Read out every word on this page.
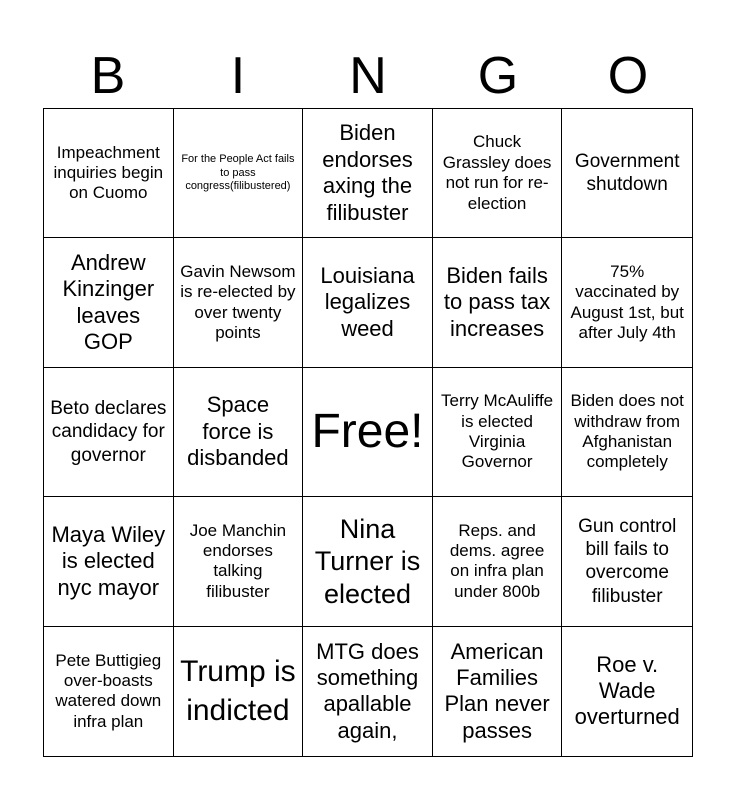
B	I	N	G	O
Impeachment inquiries begin on Cuomo
For the People Act fails to pass congress(filibustered)
Biden endorses axing the filibuster
Chuck Grassley does not run for re-election
Government shutdown
Andrew Kinzinger leaves GOP
Gavin Newsom is re-elected by over twenty points
Louisiana legalizes weed
Biden fails to pass tax increases
75% vaccinated by August 1st, but after July 4th
Beto declares candidacy for governor
Space force is disbanded Free!
Terry McAuliffe is elected Virginia Governor
Biden does not withdraw from Afghanistan completely
Maya Wiley is elected nyc mayor
Joe Manchin endorses talking filibuster
Nina Turner is elected
Reps. and dems. agree on infra plan under 800b
Gun control bill fails to overcome filibuster
Pete Buttigieg over-boasts watered down infra plan
Trump is indicted
MTG does something apallable again,
American Families Plan never passes
Roe v. Wade overturned
